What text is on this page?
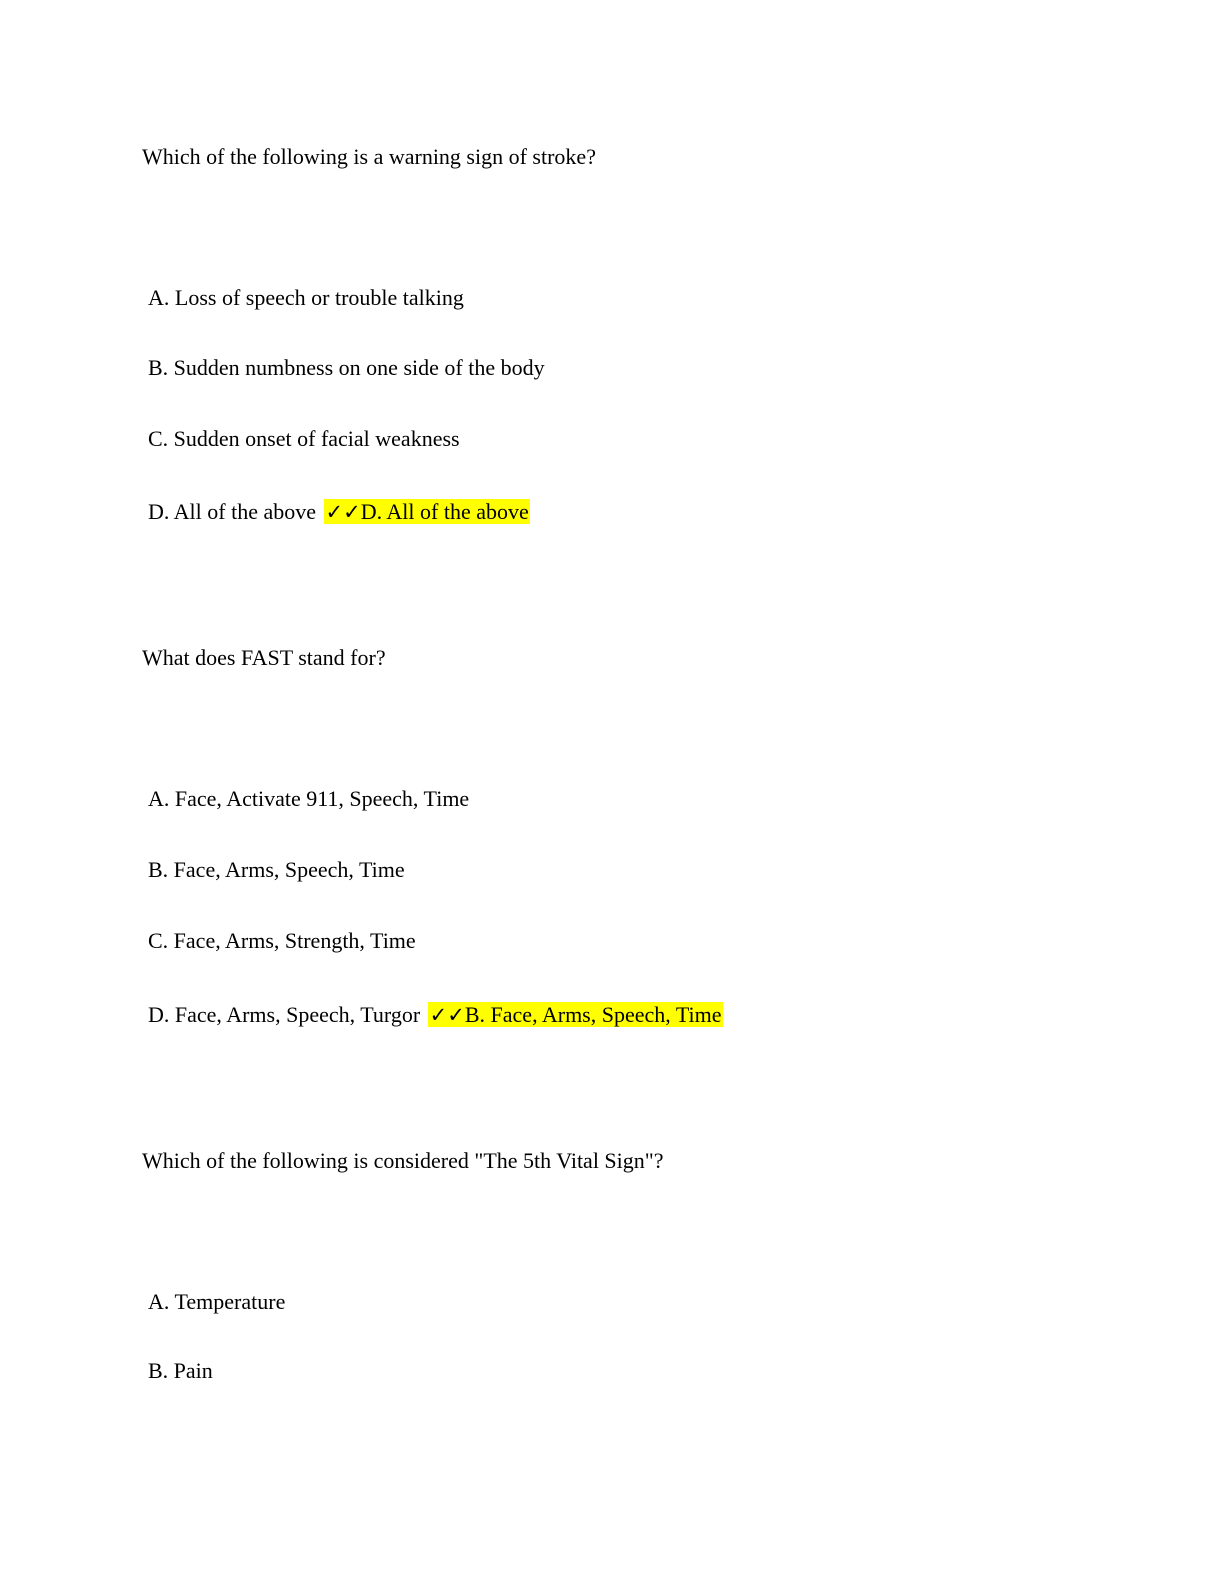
Which of the following is a warning sign of stroke?

A. Loss of speech or trouble talking

B. Sudden numbness on one side of the body

C. Sudden onset of facial weakness

D. All of the above ✓✓D. All of the above

What does FAST stand for?

A. Face, Activate 911, Speech, Time

B. Face, Arms, Speech, Time

C. Face, Arms, Strength, Time

D. Face, Arms, Speech, Turgor ✓✓B. Face, Arms, Speech, Time

Which of the following is considered "The 5th Vital Sign"?

A. Temperature

B. Pain
